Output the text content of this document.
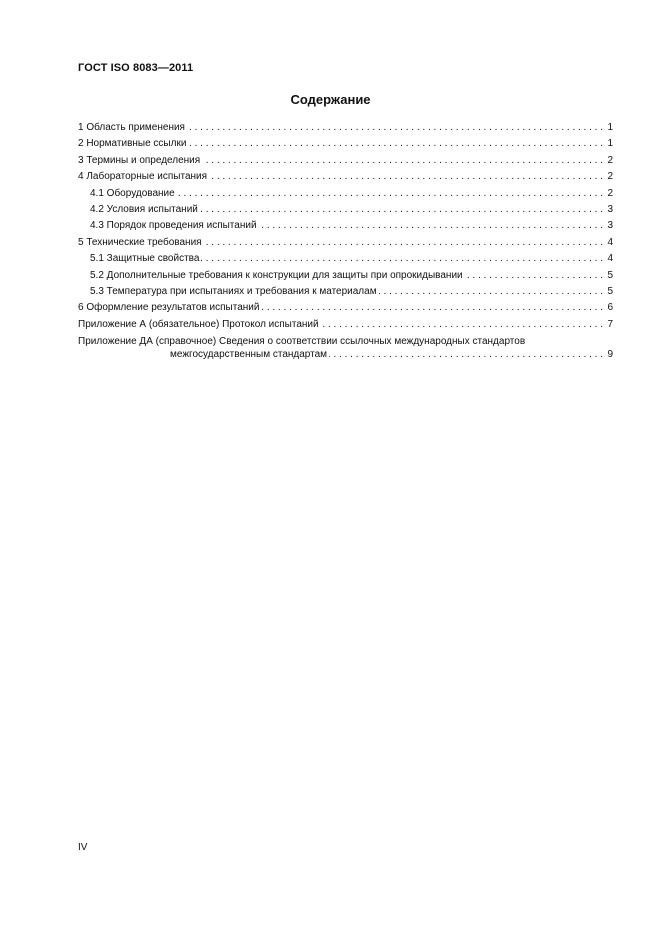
ГОСТ ISO 8083—2011
Содержание
1 Область применения . . .	1
2 Нормативные ссылки . . .	1
3 Термины и определения . . .	2
4 Лабораторные испытания . . .	2
4.1 Оборудование . . .	2
4.2 Условия испытаний . . .	3
4.3 Порядок проведения испытаний . . .	3
5 Технические требования . . .	4
5.1 Защитные свойства . . .	4
5.2 Дополнительные требования к конструкции для защиты при опрокидывании . . .	5
5.3 Температура при испытаниях и требования к материалам . . .	5
6 Оформление результатов испытаний . . .	6
Приложение А (обязательное) Протокол испытаний . . .	7
Приложение ДА (справочное) Сведения о соответствии ссылочных международных стандартов
межгосударственным стандартам . . .	9
IV
